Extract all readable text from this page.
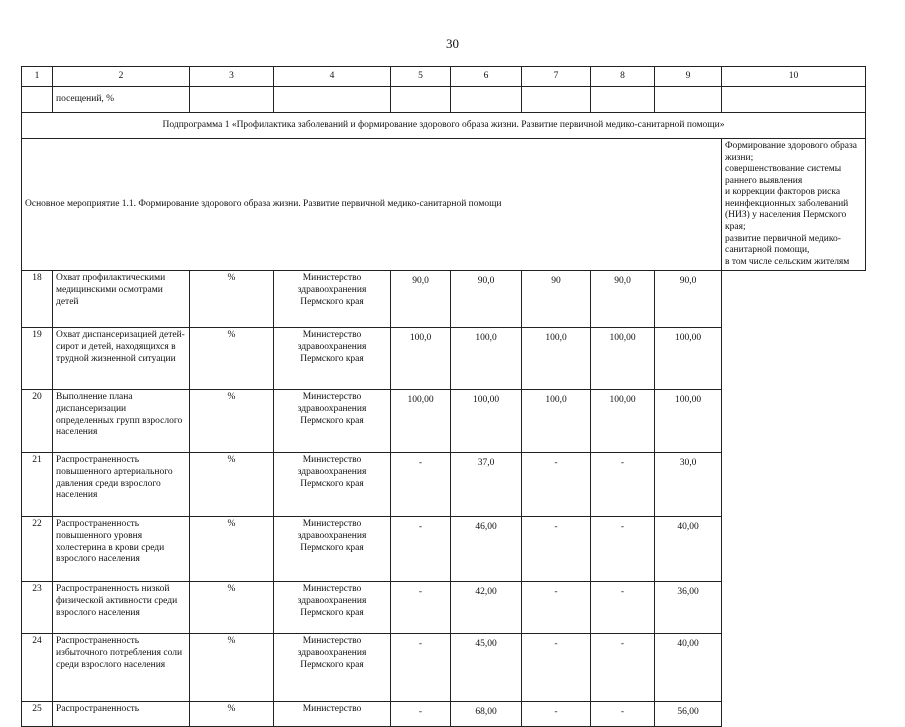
30
1	2	3	4	5	6	7	8	9	10
	посещений, %								
Подпрограмма 1 «Профилактика заболеваний и формирование здорового образа жизни. Развитие первичной медико-санитарной помощи»									
Основное мероприятие 1.1. Формирование здорового образа жизни. Развитие первичной медико-санитарной помощи									Формирование здорового образа жизни;
совершенствование системы раннего выявления
и коррекции факторов риска неинфекционных заболеваний (НИЗ) у населения Пермского края;
развитие первичной медико-санитарной помощи,
в том числе сельским жителям
18	Охват профилактическими медицинскими осмотрами детей	%	Министерство здравоохранения Пермского края	90,0	90,0	90	90,0	90,0	
19	Охват диспансеризацией детей-сирот и детей, находящихся в трудной жизненной ситуации	%	Министерство здравоохранения Пермского края	100,0	100,0	100,0	100,00	100,00	
20	Выполнение плана диспансеризации определенных групп взрослого населения	%	Министерство здравоохранения Пермского края	100,00	100,00	100,0	100,00	100,00	
21	Распространенность повышенного артериального давления среди взрослого населения	%	Министерство здравоохранения Пермского края	-	37,0	-	-	30,0	
22	Распространенность повышенного уровня холестерина в крови среди взрослого населения	%	Министерство здравоохранения Пермского края	-	46,00	-	-	40,00	
23	Распространенность низкой физической активности среди взрослого населения	%	Министерство здравоохранения Пермского края	-	42,00	-	-	36,00	
24	Распространенность избыточного потребления соли среди взрослого населения	%	Министерство здравоохранения Пермского края	-	45,00	-	-	40,00	
25	Распространенность	%	Министерство	-	68,00	-	-	56,00	
